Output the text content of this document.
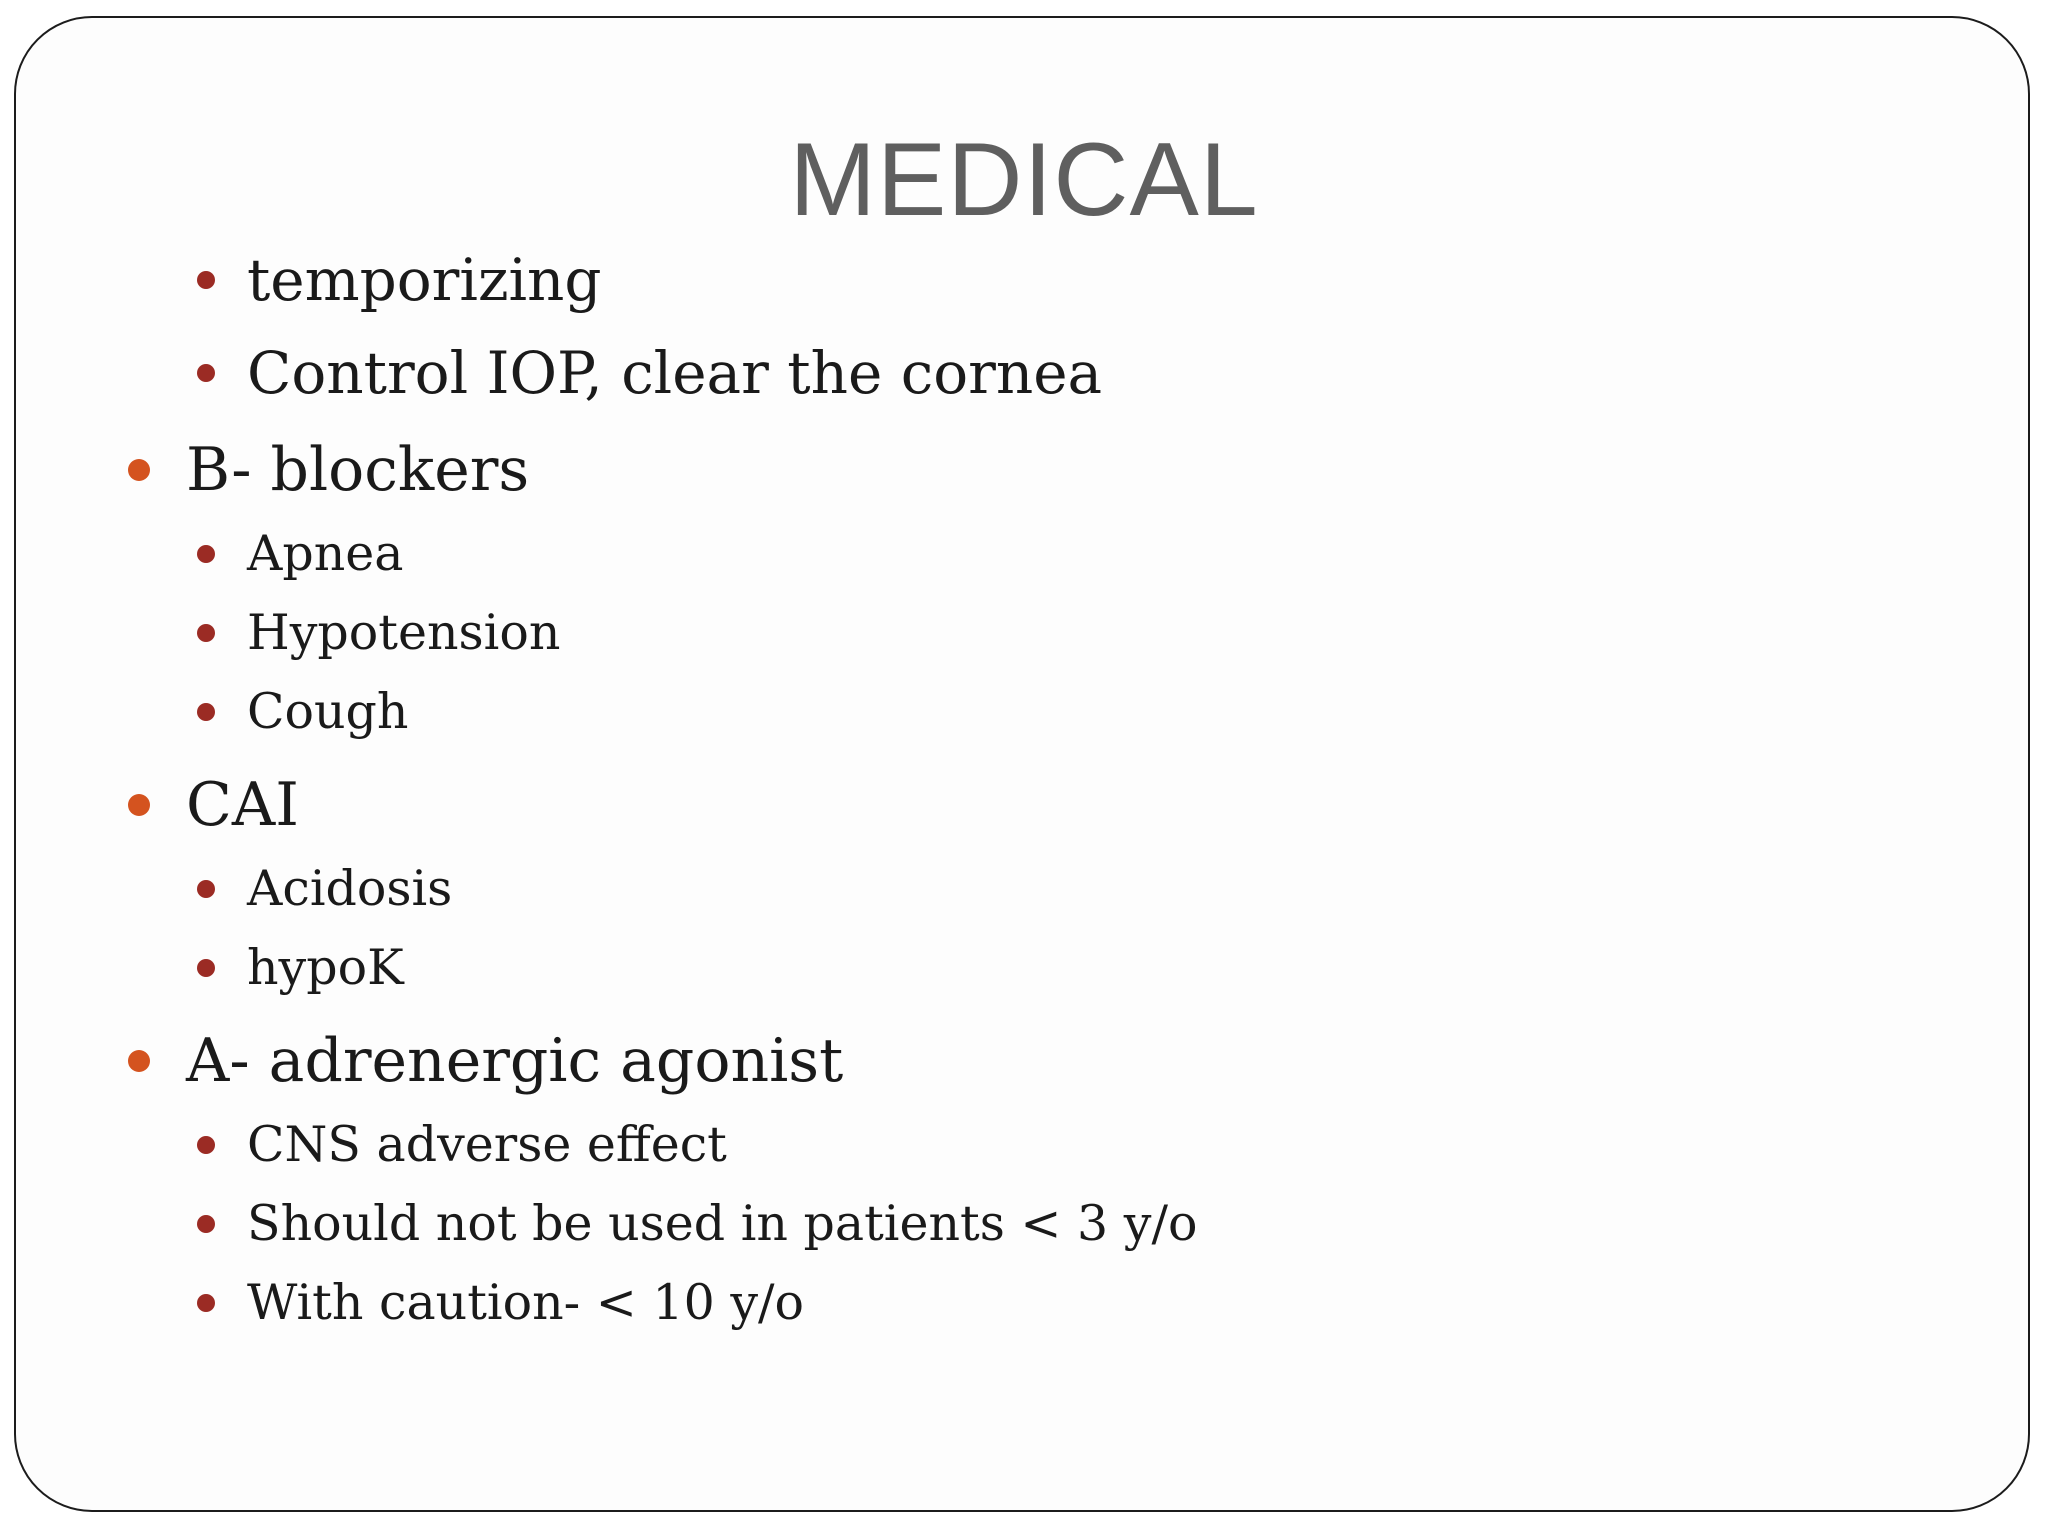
MEDICAL
temporizing
Control IOP, clear the cornea
B- blockers
Apnea
Hypotension
Cough
CAI
Acidosis
hypoK
A- adrenergic agonist
CNS adverse effect
Should not be used in patients < 3 y/o
With caution- < 10 y/o
